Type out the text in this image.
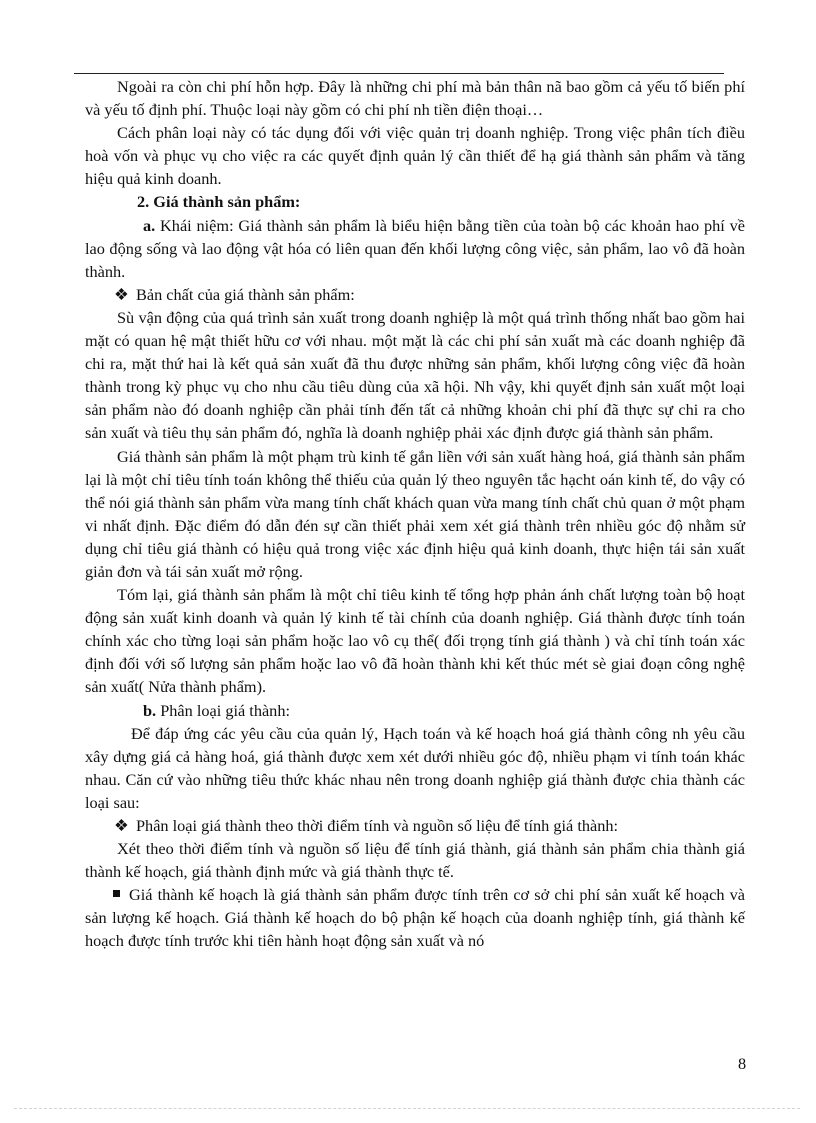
Ngoài ra còn chi phí hỗn hợp. Đây là những chi phí mà bản thân nã bao gồm cả yếu tố biến phí và yếu tố định phí. Thuộc loại này gồm có chi phí nh tiền điện thoại…

Cách phân loại này có tác dụng đối với việc quản trị doanh nghiệp. Trong việc phân tích điều hoà vốn và phục vụ cho việc ra các quyết định quản lý cần thiết để hạ giá thành sản phẩm và tăng hiệu quả kinh doanh.

2. Giá thành sản phẩm:

a. Khái niệm: Giá thành sản phẩm là biểu hiện bằng tiền của toàn bộ các khoản hao phí về lao động sống và lao động vật hóa có liên quan đến khối lượng công việc, sản phẩm, lao vô đã hoàn thành.

❖ Bản chất của giá thành sản phẩm:

Sù vận động của quá trình sản xuất trong doanh nghiệp là một quá trình thống nhất bao gồm hai mặt có quan hệ mật thiết hữu cơ với nhau. một mặt là các chi phí sản xuất mà các doanh nghiệp đã chi ra, mặt thứ hai là kết quả sản xuất đã thu được những sản phẩm, khối lượng công việc đã hoàn thành trong kỳ phục vụ cho nhu cầu tiêu dùng của xã hội. Nh vậy, khi quyết định sản xuất một loại sản phẩm nào đó doanh nghiệp cần phải tính đến tất cả những khoản chi phí đã thực sự chi ra cho sản xuất và tiêu thụ sản phẩm đó, nghĩa là doanh nghiệp phải xác định được giá thành sản phẩm.

Giá thành sản phẩm là một phạm trù kinh tế gắn liền với sản xuất hàng hoá, giá thành sản phẩm lại là một chỉ tiêu tính toán không thể thiếu của quản lý theo nguyên tắc hạcht oán kinh tế, do vậy có thể nói giá thành sản phẩm vừa mang tính chất khách quan vừa mang tính chất chủ quan ở một phạm vi nhất định. Đặc điểm đó dẫn đén sự cần thiết phải xem xét giá thành trên nhiều góc độ nhằm sử dụng chỉ tiêu giá thành có hiệu quả trong việc xác định hiệu quả kinh doanh, thực hiện tái sản xuất giản đơn và tái sản xuất mở rộng.

Tóm lại, giá thành sản phẩm là một chỉ tiêu kinh tế tổng hợp phản ánh chất lượng toàn bộ hoạt động sản xuất kinh doanh và quản lý kinh tế tài chính của doanh nghiệp. Giá thành được tính toán chính xác cho từng loại sản phẩm hoặc lao vô cụ thể( đối trọng tính giá thành ) và chỉ tính toán xác định đối với số lượng sản phẩm hoặc lao vô đã hoàn thành khi kết thúc mét sè giai đoạn công nghệ sản xuất( Nửa thành phẩm).

b. Phân loại giá thành:

Để đáp ứng các yêu cầu của quản lý, Hạch toán và kế hoạch hoá giá thành công nh yêu cầu xây dựng giá cả hàng hoá, giá thành được xem xét dưới nhiều góc độ, nhiều phạm vi tính toán khác nhau. Căn cứ vào những tiêu thức khác nhau nên trong doanh nghiệp giá thành được chia thành các loại sau:

❖ Phân loại giá thành theo thời điểm tính và nguồn số liệu để tính giá thành:

Xét theo thời điểm tính và nguồn số liệu để tính giá thành, giá thành sản phẩm chia thành giá thành kế hoạch, giá thành định mức và giá thành thực tế.

Giá thành kế hoạch là giá thành sản phẩm được tính trên cơ sở chi phí sản xuất kế hoạch và sản lượng kế hoạch. Giá thành kế hoạch do bộ phận kế hoạch của doanh nghiệp tính, giá thành kế hoạch được tính trước khi tiên hành hoạt động sản xuất và nó

8
